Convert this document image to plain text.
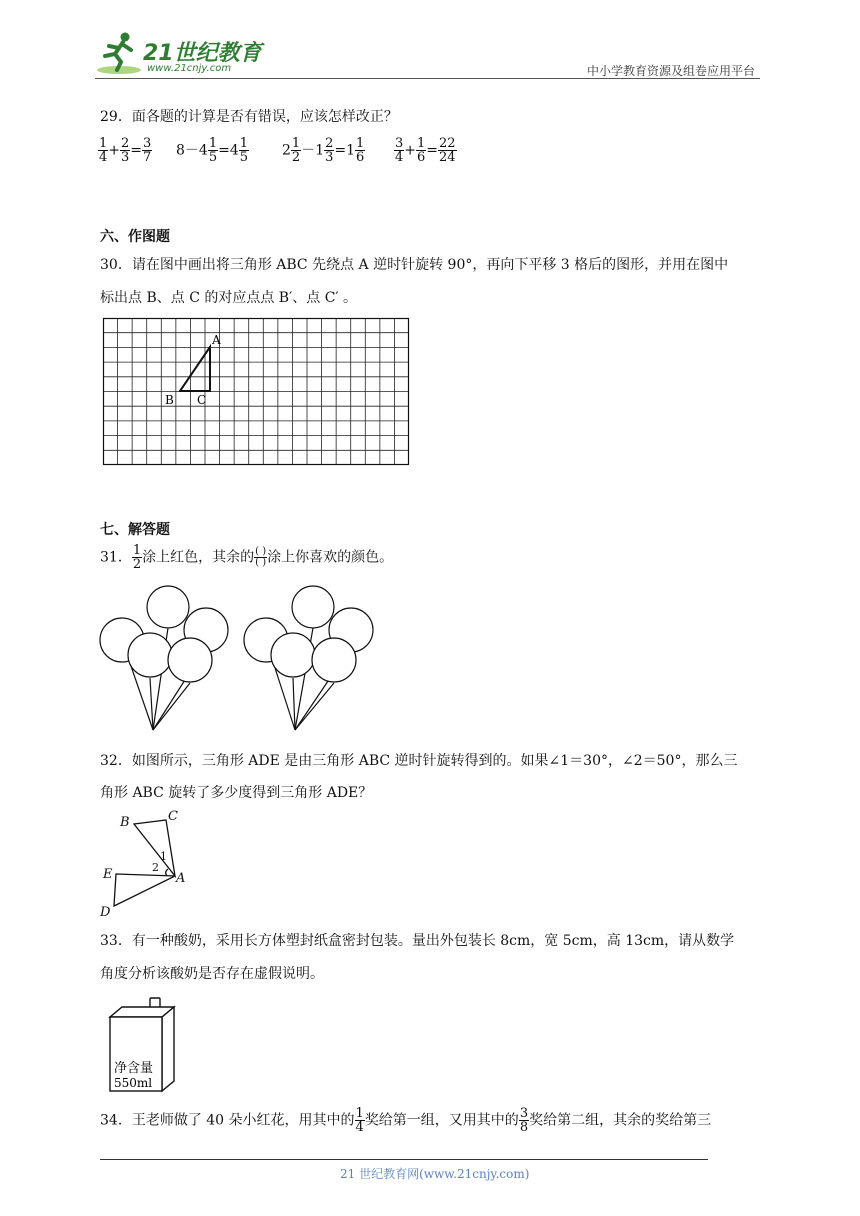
21世纪教育
www.21cnjy.com	中小学教育资源及组卷应用平台
29．面各题的计算是否有错误，应该怎样改正？
$\frac{1}{4} + \frac{2}{3} = \frac{3}{7} 8-4 \frac{1}{5} =4 \frac{1}{5} 2 \frac{1}{2} -1 \frac{2}{3} =1 \frac{1}{6} \frac{3}{4} + \frac{1}{6} = \frac{22}{24}$
六、作图题
30．请在图中画出将三角形 ABC 先绕点 A 逆时针旋转 90°，再向下平移 3 格后的图形，并用在图中
标出点 B、点 C 的对应点点 B′、点 C′ 。
A
B C
七、解答题
31． $\frac{1}{2}$ 涂上红色，其余的 $\frac{( )}{( )}$ 涂上你喜欢的颜色。
32．如图所示，三角形 ADE 是由三角形 ABC 逆时针旋转得到的。如果∠1＝30°，∠2＝50°，那么三
角形 ABC 旋转了多少度得到三角形 ADE？
B	C
E	A
D
1
2
33．有一种酸奶，采用长方体塑封纸盒密封包装。量出外包装长 8cm，宽 5cm，高 13cm，请从数学
角度分析该酸奶是否存在虚假说明。
净含量
550ml
34．王老师做了 40 朵小红花，用其中的 $\frac{1}{4}$ 奖给第一组，又用其中的 $\frac{3}{8}$ 奖给第二组，其余的奖给第三
21 世纪教育网(www.21cnjy.com)
